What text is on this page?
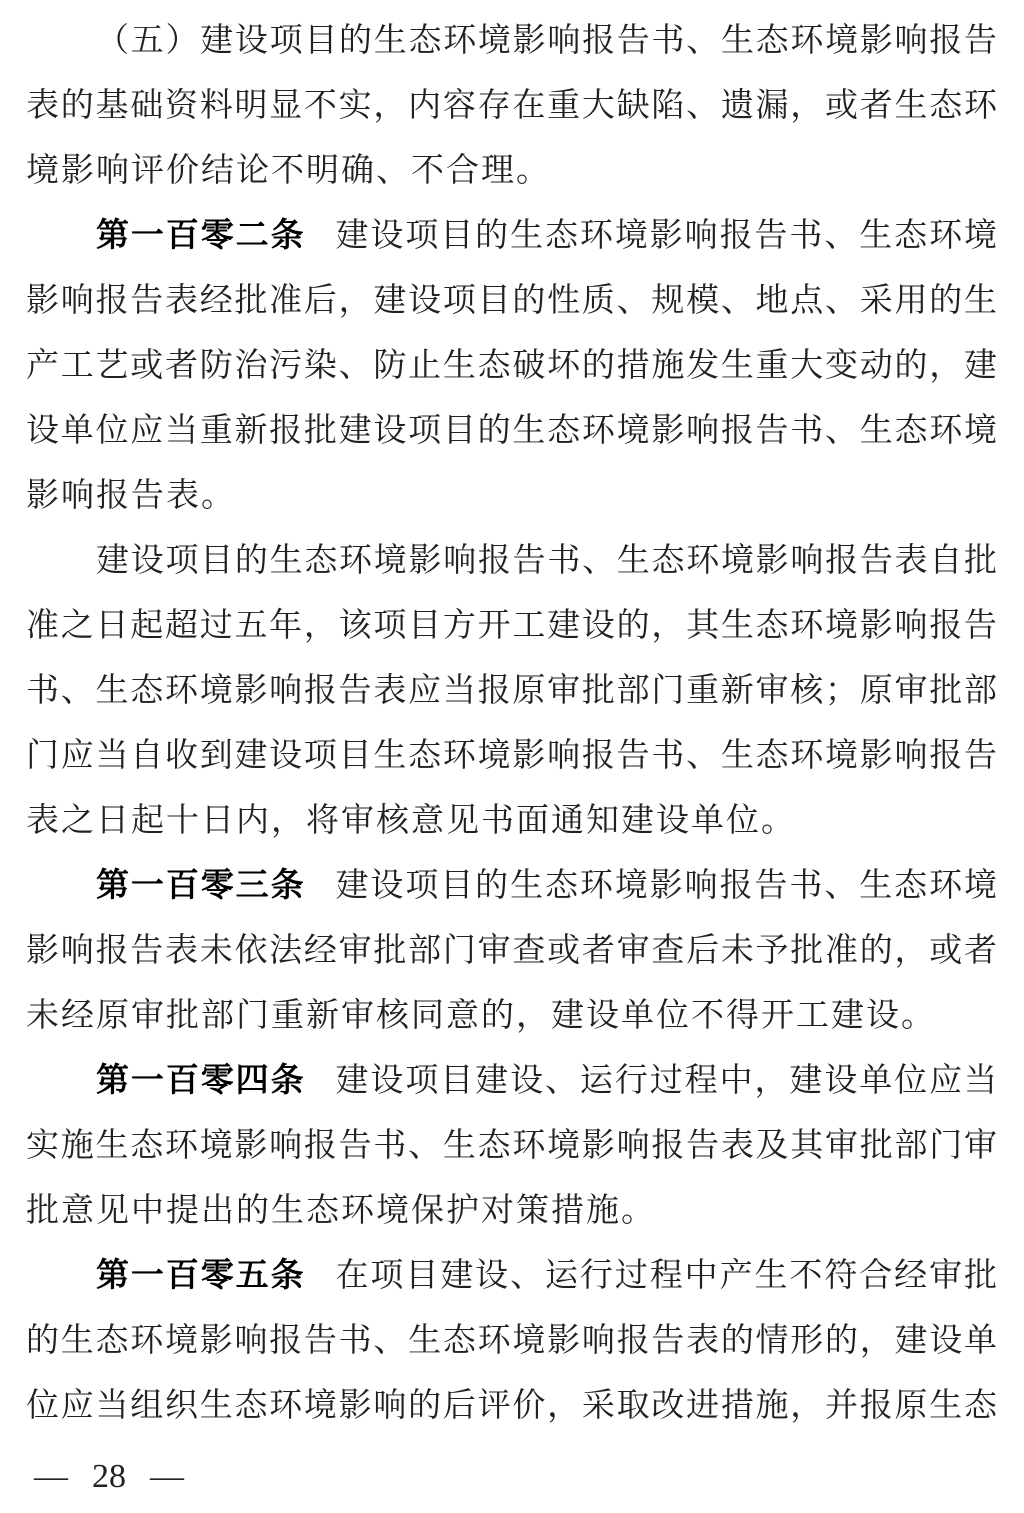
（五）建设项目的生态环境影响报告书、生态环境影响报告
表的基础资料明显不实，内容存在重大缺陷、遗漏，或者生态环
境影响评价结论不明确、不合理。
第一百零二条 建设项目的生态环境影响报告书、生态环境
影响报告表经批准后，建设项目的性质、规模、地点、采用的生
产工艺或者防治污染、防止生态破坏的措施发生重大变动的，建
设单位应当重新报批建设项目的生态环境影响报告书、生态环境
影响报告表。
建设项目的生态环境影响报告书、生态环境影响报告表自批
准之日起超过五年，该项目方开工建设的，其生态环境影响报告
书、生态环境影响报告表应当报原审批部门重新审核；原审批部
门应当自收到建设项目生态环境影响报告书、生态环境影响报告
表之日起十日内，将审核意见书面通知建设单位。
第一百零三条 建设项目的生态环境影响报告书、生态环境
影响报告表未依法经审批部门审查或者审查后未予批准的，或者
未经原审批部门重新审核同意的，建设单位不得开工建设。
第一百零四条 建设项目建设、运行过程中，建设单位应当
实施生态环境影响报告书、生态环境影响报告表及其审批部门审
批意见中提出的生态环境保护对策措施。
第一百零五条 在项目建设、运行过程中产生不符合经审批
的生态环境影响报告书、生态环境影响报告表的情形的，建设单
位应当组织生态环境影响的后评价，采取改进措施，并报原生态
— 28 —
